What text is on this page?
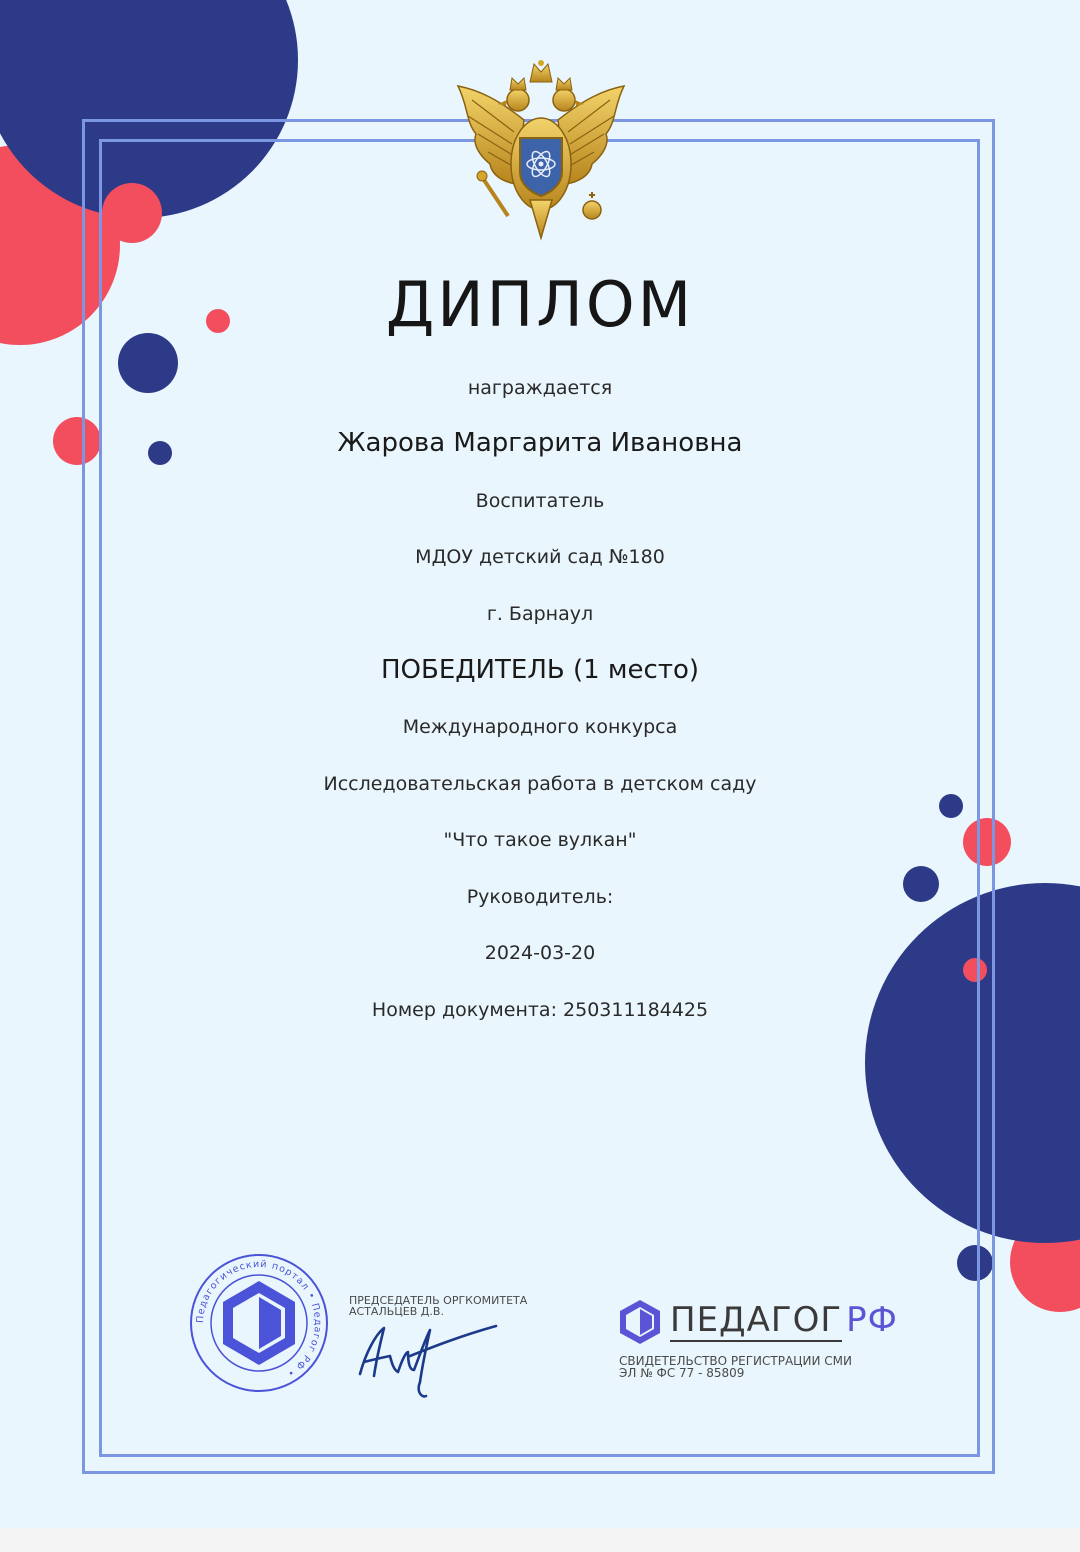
ДИПЛОМ
награждается
Жарова Маргарита Ивановна
Воспитатель
МДОУ детский сад №180
г. Барнаул
ПОБЕДИТЕЛЬ (1 место)
Международного конкурса
Исследовательская работа в детском саду
"Что такое вулкан"
Руководитель:
2024-03-20
Номер документа: 250311184425
Педагогический портал • Педагог РФ •
ПРЕДСЕДАТЕЛЬ ОРГКОМИТЕТА
АСТАЛЬЦЕВ Д.В.	ПЕДАГОГ РФ
СВИДЕТЕЛЬСТВО РЕГИСТРАЦИИ СМИ
ЭЛ № ФС 77 - 85809
